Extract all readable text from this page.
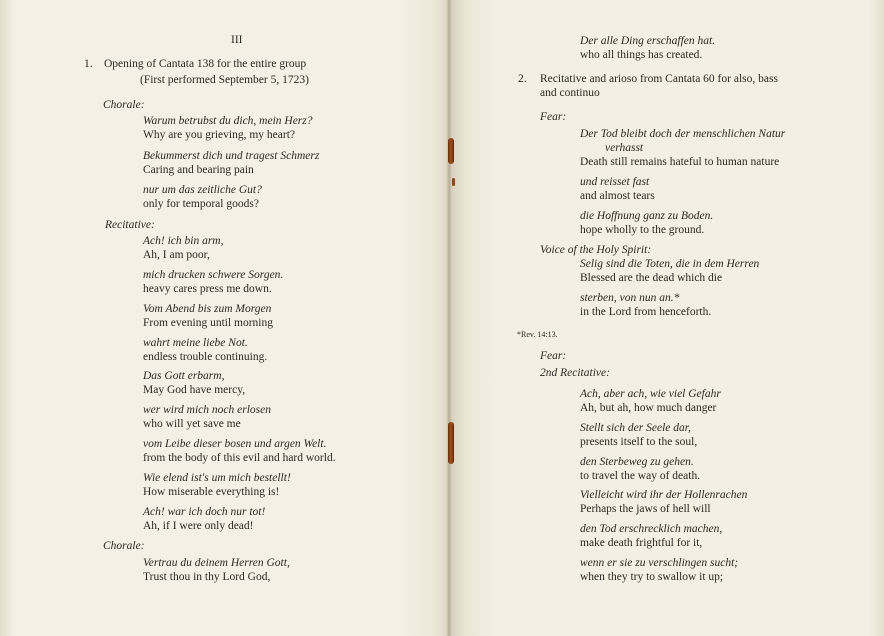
III
1. Opening of Cantata 138 for the entire group
(First performed September 5, 1723)
Chorale:
Warum betrubst du dich, mein Herz?
Why are you grieving, my heart?
Bekummerst dich und tragest Schmerz
Caring and bearing pain
nur um das zeitliche Gut?
only for temporal goods?
Recitative:
Ach! ich bin arm,
Ah, I am poor,
mich drucken schwere Sorgen.
heavy cares press me down.
Vom Abend bis zum Morgen
From evening until morning
wahrt meine liebe Not.
endless trouble continuing.
Das Gott erbarm,
May God have mercy,
wer wird mich noch erlosen
who will yet save me
vom Leibe dieser bosen und argen Welt.
from the body of this evil and hard world.
Wie elend ist's um mich bestellt!
How miserable everything is!
Ach! war ich doch nur tot!
Ah, if I were only dead!
Chorale:
Vertrau du deinem Herren Gott,
Trust thou in thy Lord God,
Der alle Ding erschaffen hat.
who all things has created.
2. Recitative and arioso from Cantata 60 for also, bass
and continuo
Fear:
Der Tod bleibt doch der menschlichen Natur
verhasst
Death still remains hateful to human nature
und reisset fast
and almost tears
die Hoffnung ganz zu Boden.
hope wholly to the ground.
Voice of the Holy Spirit:
Selig sind die Toten, die in dem Herren
Blessed are the dead which die
sterben, von nun an.*
in the Lord from henceforth.
*Rev. 14:13.
Fear:
2nd Recitative:
Ach, aber ach, wie viel Gefahr
Ah, but ah, how much danger
Stellt sich der Seele dar,
presents itself to the soul,
den Sterbeweg zu gehen.
to travel the way of death.
Vielleicht wird ihr der Hollenrachen
Perhaps the jaws of hell will
den Tod erschrecklich machen,
make death frightful for it,
wenn er sie zu verschlingen sucht;
when they try to swallow it up;
